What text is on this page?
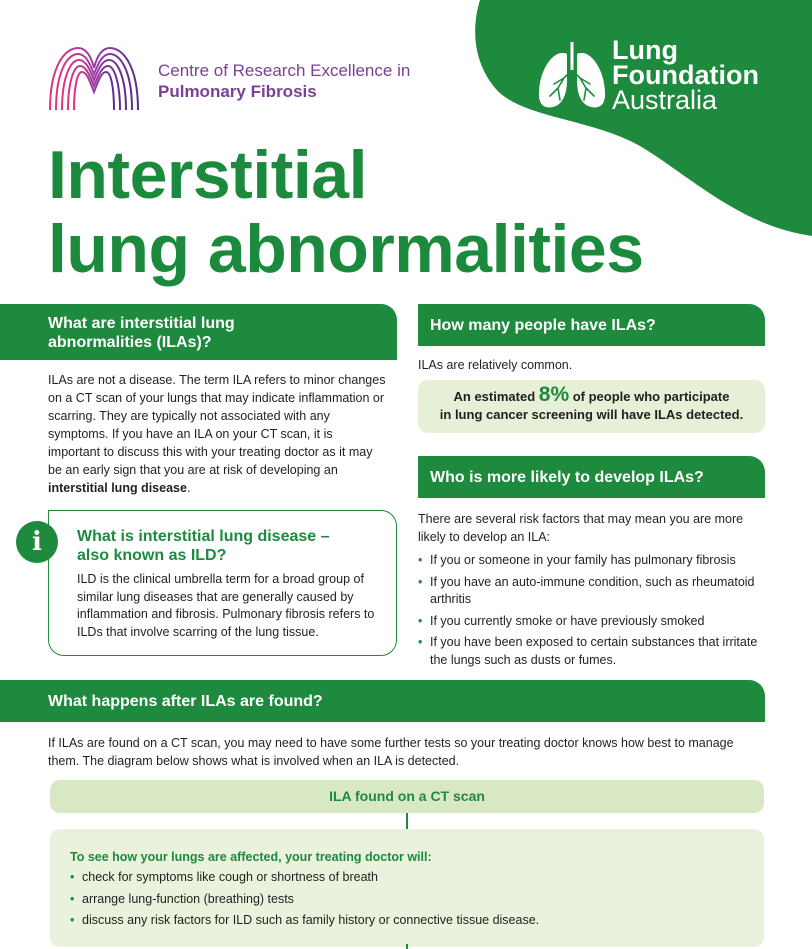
Centre of Research Excellence in
Pulmonary Fibrosis
Lung
Foundation
Australia
Interstitial
lung abnormalities
What are interstitial lung
abnormalities (ILAs)?
ILAs are not a disease. The term ILA refers to minor changes on a CT scan of your lungs that may indicate inflammation or scarring. They are typically not associated with any symptoms. If you have an ILA on your CT scan, it is important to discuss this with your treating doctor as it may be an early sign that you are at risk of developing an interstitial lung disease.
i	What is interstitial lung disease –
also known as ILD?
ILD is the clinical umbrella term for a broad group of similar lung diseases that are generally caused by inflammation and fibrosis. Pulmonary fibrosis refers to ILDs that involve scarring of the lung tissue.
How many people have ILAs?
ILAs are relatively common.
An estimated 8% of people who participate
in lung cancer screening will have ILAs detected.
Who is more likely to develop ILAs?
There are several risk factors that may mean you are more likely to develop an ILA:
• If you or someone in your family has pulmonary fibrosis
• If you have an auto-immune condition, such as rheumatoid arthritis
• If you currently smoke or have previously smoked
• If you have been exposed to certain substances that irritate the lungs such as dusts or fumes.
What happens after ILAs are found?
If ILAs are found on a CT scan, you may need to have some further tests so your treating doctor knows how best to manage them. The diagram below shows what is involved when an ILA is detected.
ILA found on a CT scan
To see how your lungs are affected, your treating doctor will:
• check for symptoms like cough or shortness of breath
• arrange lung-function (breathing) tests
• discuss any risk factors for ILD such as family history or connective tissue disease.
